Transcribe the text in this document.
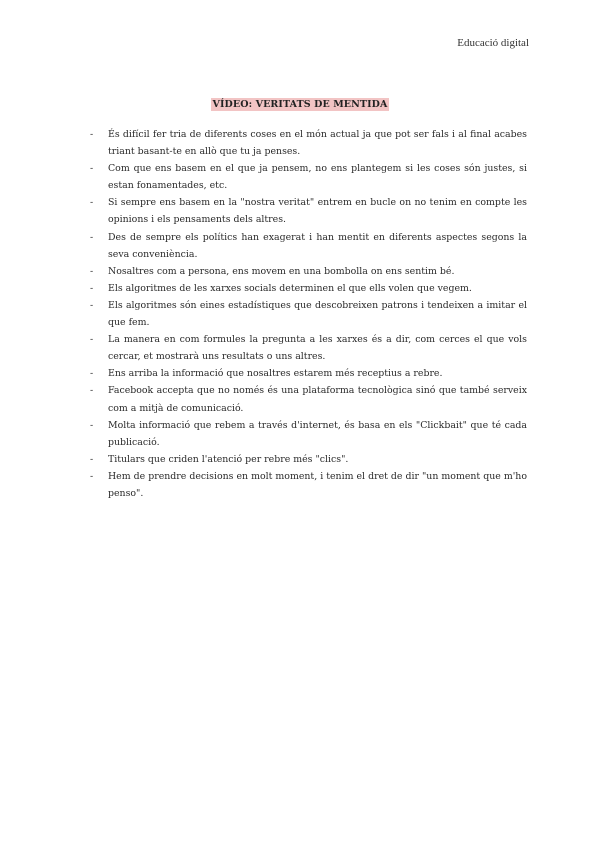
Educació digital
VÍDEO: VERITATS DE MENTIDA
- És difícil fer tria de diferents coses en el món actual ja que pot ser fals i al final acabes triant basant-te en allò que tu ja penses.
- Com que ens basem en el que ja pensem, no ens plantegem si les coses són justes, si estan fonamentades, etc.
- Si sempre ens basem en la "nostra veritat" entrem en bucle on no tenim en compte les opinions i els pensaments dels altres.
- Des de sempre els polítics han exagerat i han mentit en diferents aspectes segons la seva conveniència.
- Nosaltres com a persona, ens movem en una bombolla on ens sentim bé.
- Els algoritmes de les xarxes socials determinen el que ells volen que vegem.
- Els algoritmes són eines estadístiques que descobreixen patrons i tendeixen a imitar el que fem.
- La manera en com formules la pregunta a les xarxes és a dir, com cerces el que vols cercar, et mostrarà uns resultats o uns altres.
- Ens arriba la informació que nosaltres estarem més receptius a rebre.
- Facebook accepta que no només és una plataforma tecnològica sinó que també serveix com a mitjà de comunicació.
- Molta informació que rebem a través d'internet, és basa en els "Clickbait" que té cada publicació.
- Titulars que criden l'atenció per rebre més "clics".
- Hem de prendre decisions en molt moment, i tenim el dret de dir "un moment que m'ho penso".
